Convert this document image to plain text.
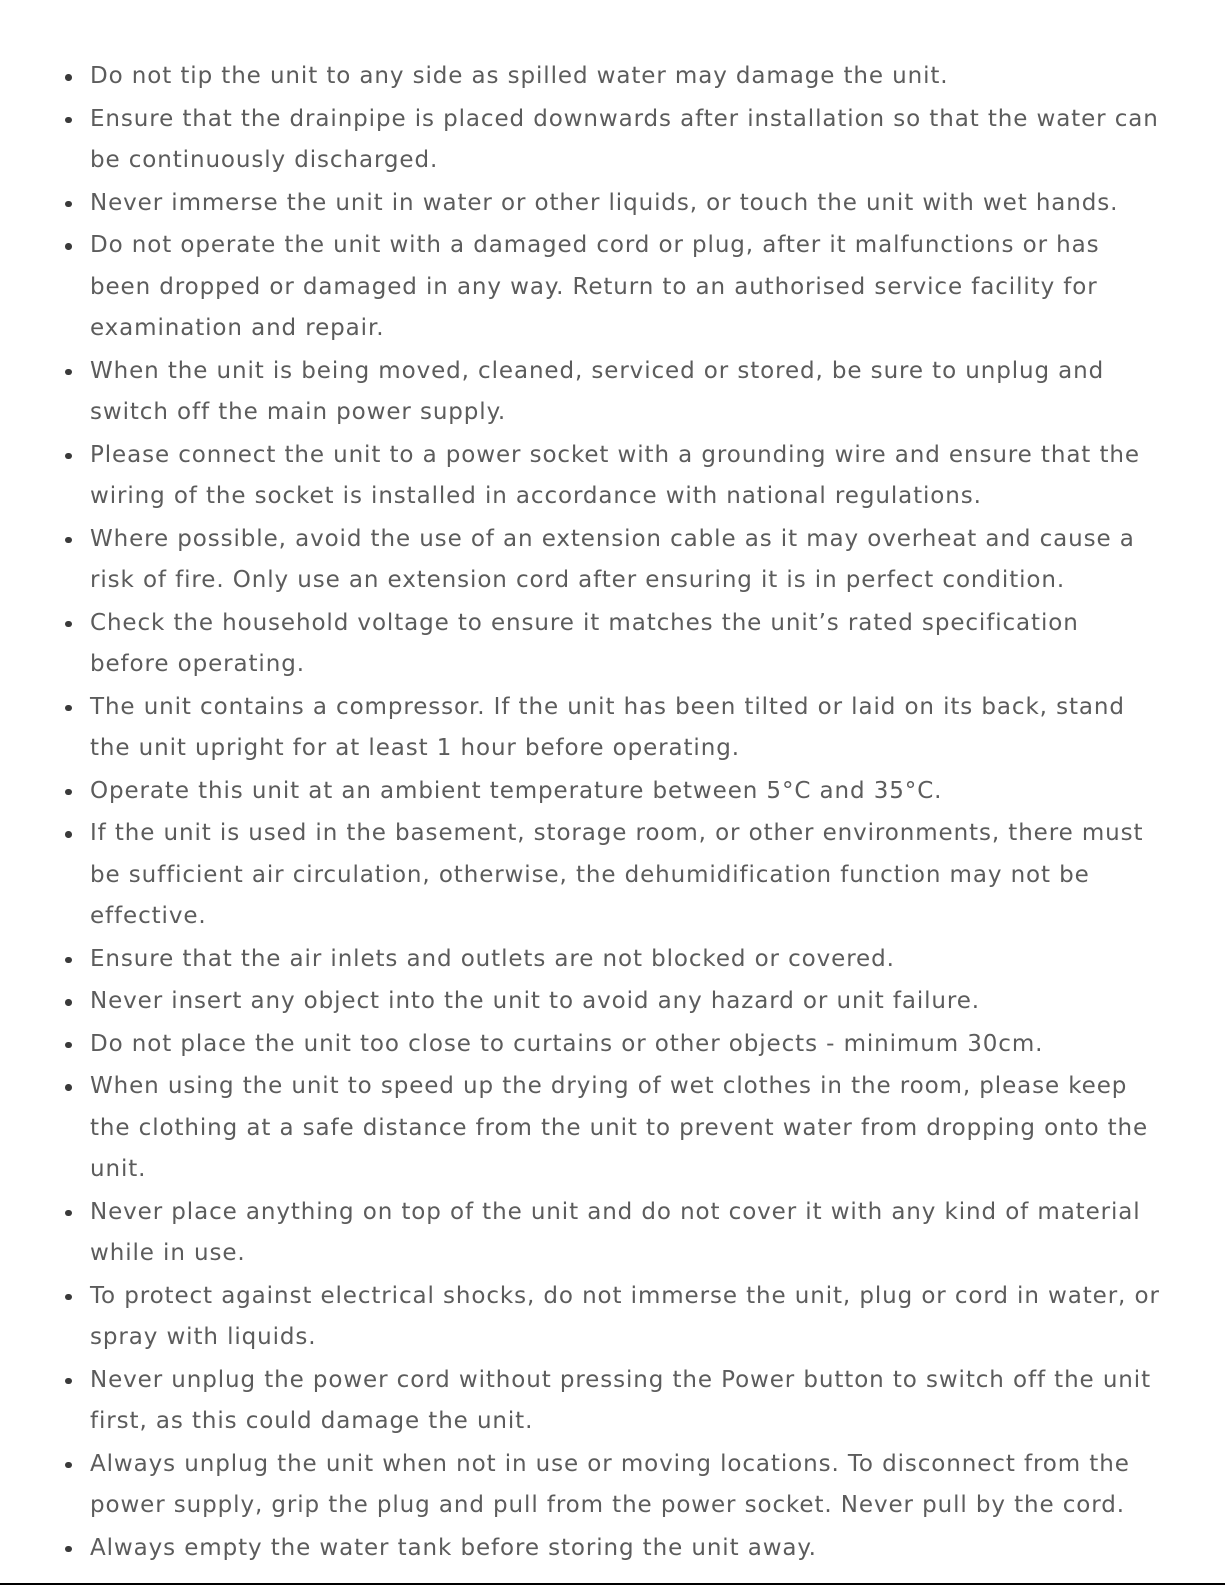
Do not tip the unit to any side as spilled water may damage the unit.
Ensure that the drainpipe is placed downwards after installation so that the water can be continuously discharged.
Never immerse the unit in water or other liquids, or touch the unit with wet hands.
Do not operate the unit with a damaged cord or plug, after it malfunctions or has been dropped or damaged in any way. Return to an authorised service facility for examination and repair.
When the unit is being moved, cleaned, serviced or stored, be sure to unplug and switch off the main power supply.
Please connect the unit to a power socket with a grounding wire and ensure that the wiring of the socket is installed in accordance with national regulations.
Where possible, avoid the use of an extension cable as it may overheat and cause a risk of fire. Only use an extension cord after ensuring it is in perfect condition.
Check the household voltage to ensure it matches the unit’s rated specification before operating.
The unit contains a compressor. If the unit has been tilted or laid on its back, stand the unit upright for at least 1 hour before operating.
Operate this unit at an ambient temperature between 5°C and 35°C.
If the unit is used in the basement, storage room, or other environments, there must be sufficient air circulation, otherwise, the dehumidification function may not be effective.
Ensure that the air inlets and outlets are not blocked or covered.
Never insert any object into the unit to avoid any hazard or unit failure.
Do not place the unit too close to curtains or other objects - minimum 30cm.
When using the unit to speed up the drying of wet clothes in the room, please keep the clothing at a safe distance from the unit to prevent water from dropping onto the unit.
Never place anything on top of the unit and do not cover it with any kind of material while in use.
To protect against electrical shocks, do not immerse the unit, plug or cord in water, or spray with liquids.
Never unplug the power cord without pressing the Power button to switch off the unit first, as this could damage the unit.
Always unplug the unit when not in use or moving locations. To disconnect from the power supply, grip the plug and pull from the power socket. Never pull by the cord.
Always empty the water tank before storing the unit away.
